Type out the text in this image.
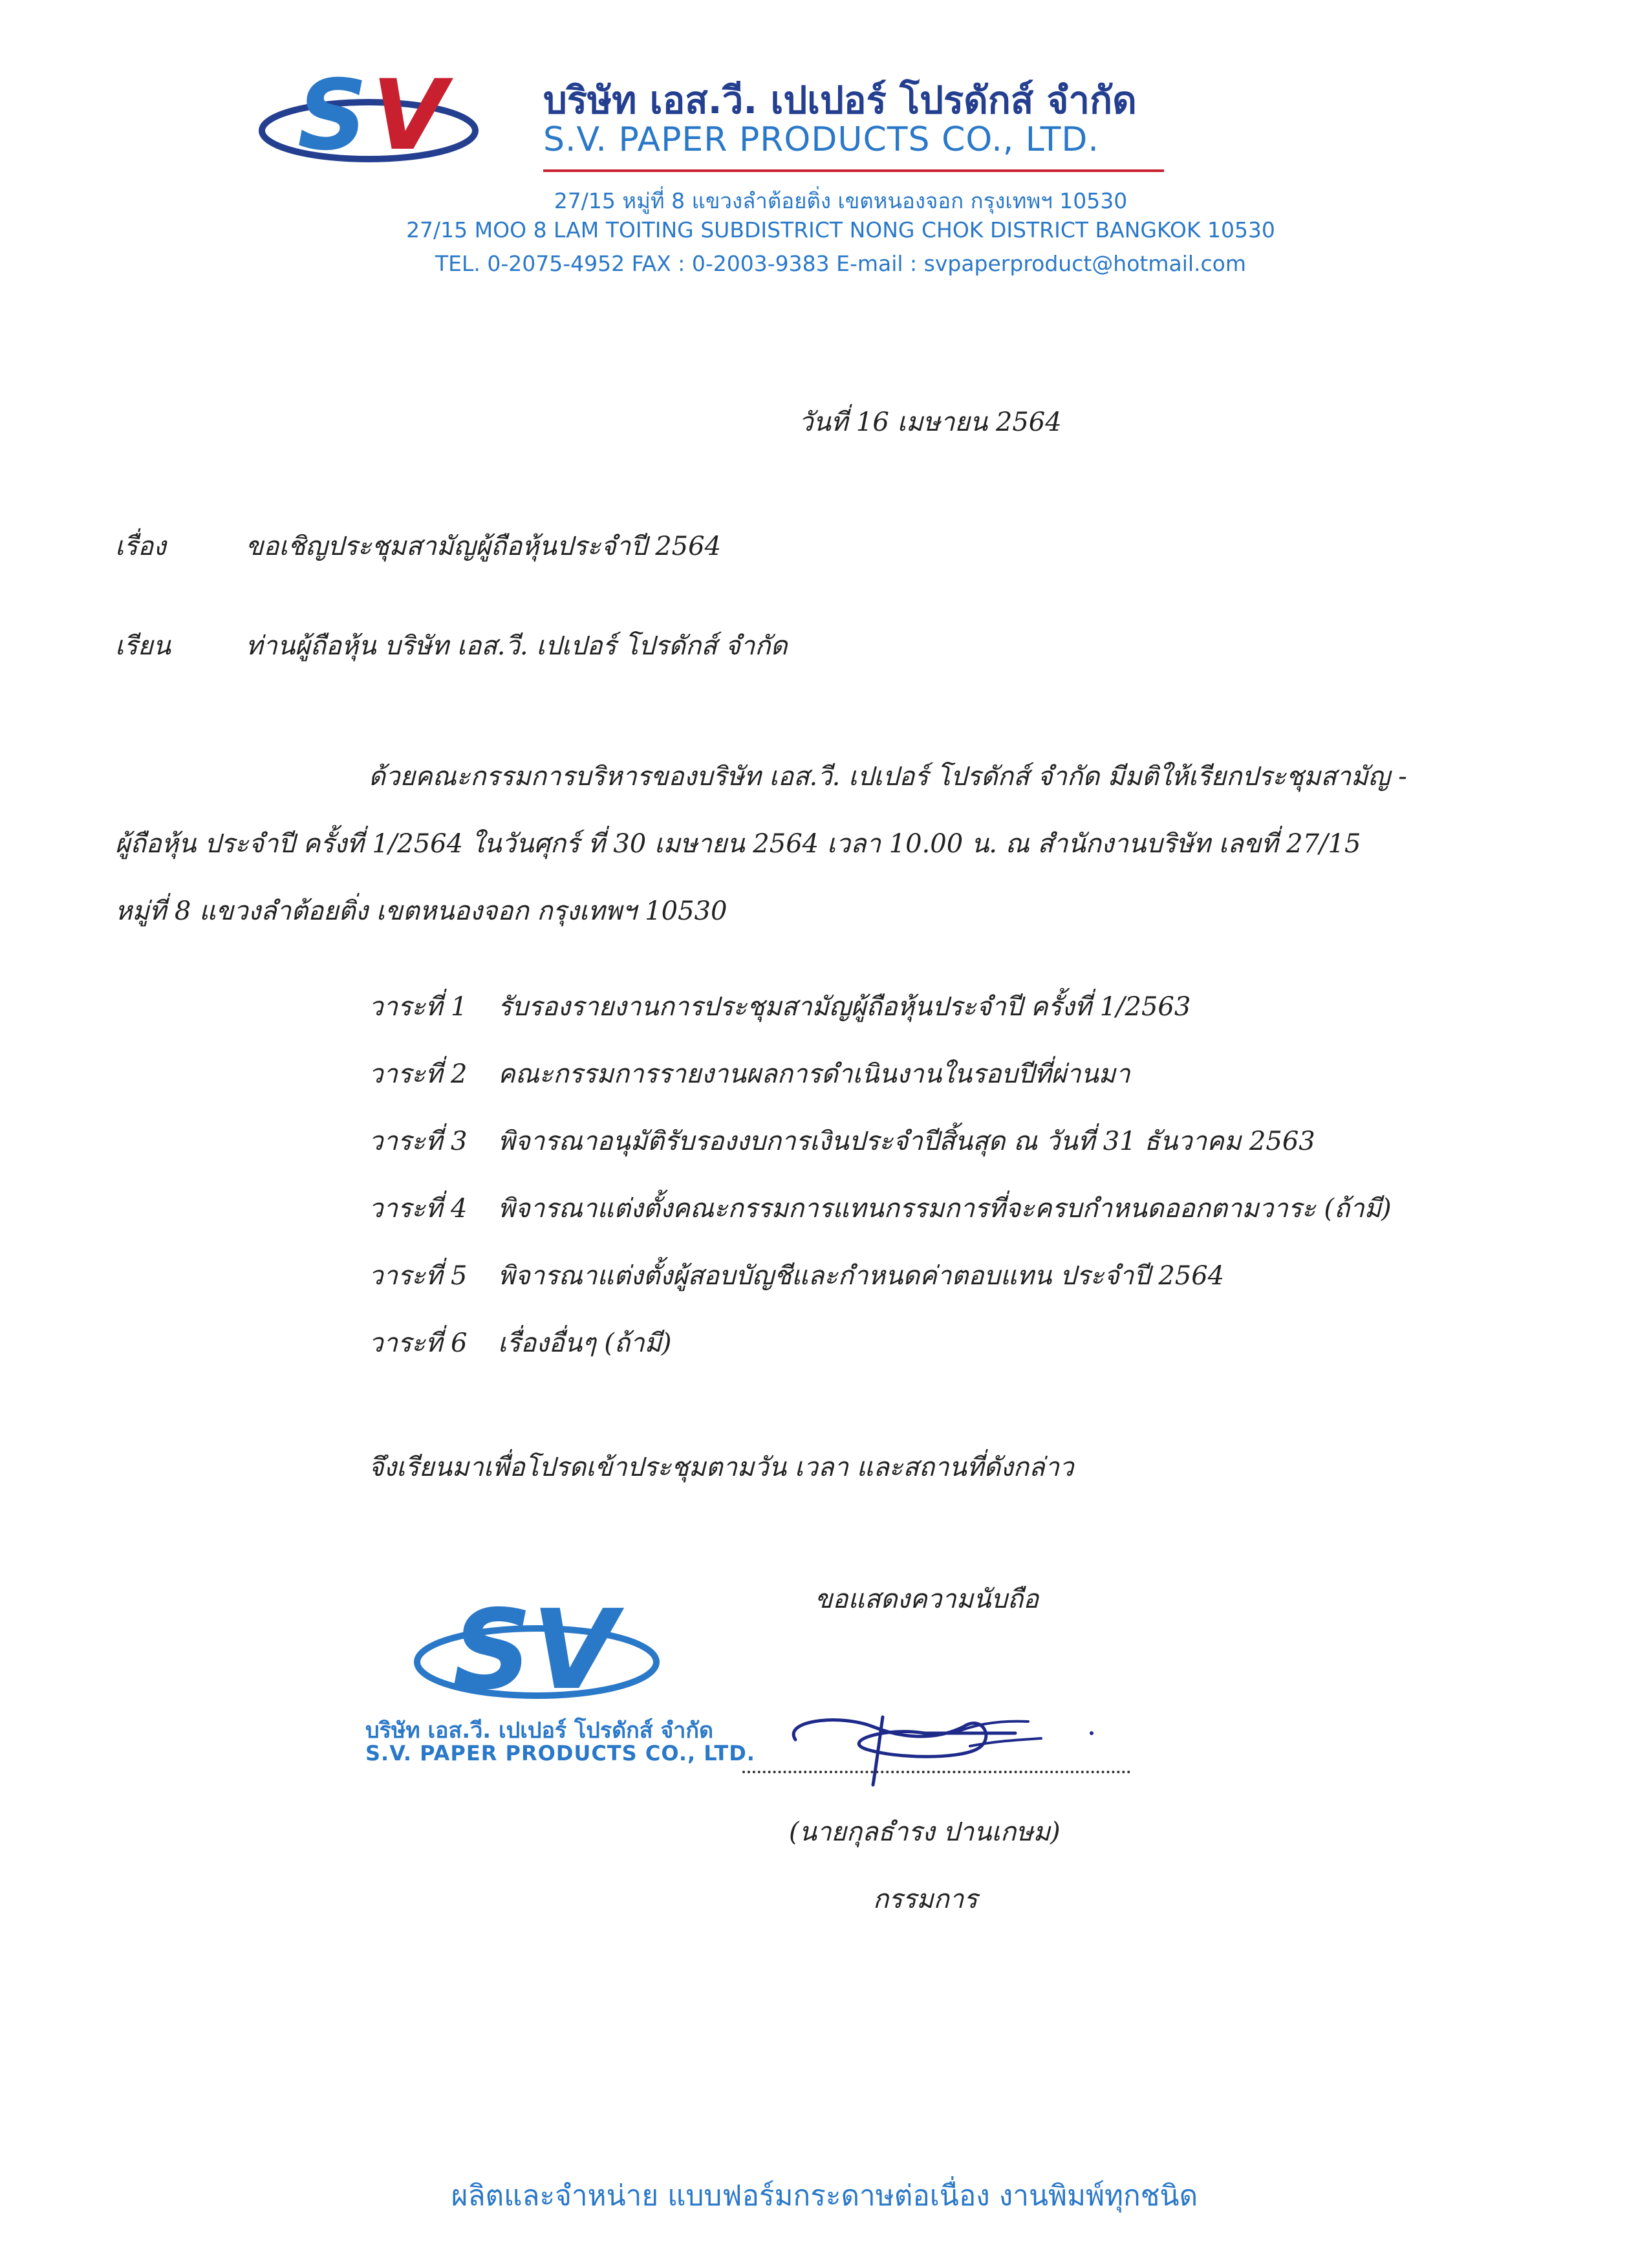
S V	บริษัท เอส.วี. เปเปอร์ โปรดักส์ จำกัด
S.V. PAPER PRODUCTS CO., LTD.
27/15 หมู่ที่ 8 แขวงลำต้อยติ่ง เขตหนองจอก กรุงเทพฯ 10530
27/15 MOO 8 LAM TOITING SUBDISTRICT NONG CHOK DISTRICT BANGKOK 10530
TEL. 0-2075-4952 FAX : 0-2003-9383 E-mail : svpaperproduct@hotmail.com
วันที่ 16 เมษายน 2564
เรื่อง	ขอเชิญประชุมสามัญผู้ถือหุ้นประจำปี 2564
เรียน	ท่านผู้ถือหุ้น บริษัท เอส.วี. เปเปอร์ โปรดักส์ จำกัด
ด้วยคณะกรรมการบริหารของบริษัท เอส.วี. เปเปอร์ โปรดักส์ จำกัด มีมติให้เรียกประชุมสามัญ -
ผู้ถือหุ้น ประจำปี ครั้งที่ 1/2564 ในวันศุกร์ ที่ 30 เมษายน 2564 เวลา 10.00 น. ณ สำนักงานบริษัท เลขที่ 27/15
หมู่ที่ 8 แขวงลำต้อยติ่ง เขตหนองจอก กรุงเทพฯ 10530
วาระที่ 1 รับรองรายงานการประชุมสามัญผู้ถือหุ้นประจำปี ครั้งที่ 1/2563
วาระที่ 2 คณะกรรมการรายงานผลการดำเนินงานในรอบปีที่ผ่านมา
วาระที่ 3 พิจารณาอนุมัติรับรองงบการเงินประจำปีสิ้นสุด ณ วันที่ 31 ธันวาคม 2563
วาระที่ 4 พิจารณาแต่งตั้งคณะกรรมการแทนกรรมการที่จะครบกำหนดออกตามวาระ (ถ้ามี)
วาระที่ 5 พิจารณาแต่งตั้งผู้สอบบัญชีและกำหนดค่าตอบแทน ประจำปี 2564
วาระที่ 6 เรื่องอื่นๆ (ถ้ามี)
จึงเรียนมาเพื่อโปรดเข้าประชุมตามวัน เวลา และสถานที่ดังกล่าว
ขอแสดงความนับถือ
SV
บริษัท เอส.วี. เปเปอร์ โปรดักส์ จำกัด
S.V. PAPER PRODUCTS CO., LTD.
(นายกุลธำรง ปานเกษม)
กรรมการ
ผลิตและจำหน่าย แบบฟอร์มกระดาษต่อเนื่อง งานพิมพ์ทุกชนิด
